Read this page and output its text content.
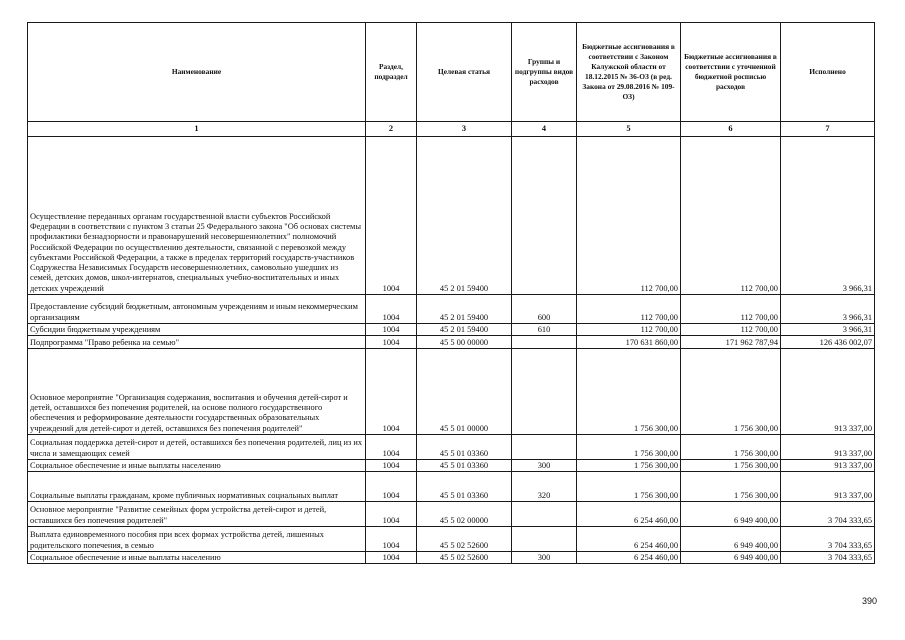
Наименование	Раздел, подраздел	Целевая статья	Группы и подгруппы видов расходов	Бюджетные ассигнования в соответствии с Законом Калужской области от 18.12.2015 № 36-ОЗ (в ред. Закона от 29.08.2016 № 109-ОЗ)	Бюджетные ассигнования в соответствии с уточненной бюджетной росписью расходов	Исполнено
1	2	3	4	5	6	7
Осуществление переданных органам государственной власти субъектов Российской Федерации в соответствии с пунктом 3 статьи 25 Федерального закона "Об основах системы профилактики безнадзорности и правонарушений несовершеннолетних" полномочий Российской Федерации по осуществлению деятельности, связанной с перевозкой между субъектами Российской Федерации, а также в пределах территорий государств-участников Содружества Независимых Государств несовершеннолетних, самовольно ушедших из семей, детских домов, школ-интернатов, специальных учебно-воспитательных и иных детских учреждений	1004	45 2 01 59400		112 700,00	112 700,00	3 966,31
Предоставление субсидий бюджетным, автономным учреждениям и иным некоммерческим организациям	1004	45 2 01 59400	600	112 700,00	112 700,00	3 966,31
Субсидии бюджетным учреждениям	1004	45 2 01 59400	610	112 700,00	112 700,00	3 966,31
Подпрограмма "Право ребенка на семью"	1004	45 5 00 00000		170 631 860,00	171 962 787,94	126 436 002,07
Основное мероприятие "Организация содержания, воспитания и обучения детей-сирот и детей, оставшихся без попечения родителей, на основе полного государственного обеспечения и реформирование деятельности государственных образовательных учреждений для детей-сирот и детей, оставшихся без попечения родителей"	1004	45 5 01 00000		1 756 300,00	1 756 300,00	913 337,00
Социальная поддержка детей-сирот и детей, оставшихся без попечения родителей, лиц из их числа и замещающих семей	1004	45 5 01 03360		1 756 300,00	1 756 300,00	913 337,00
Социальное обеспечение и иные выплаты населению	1004	45 5 01 03360	300	1 756 300,00	1 756 300,00	913 337,00
Социальные выплаты гражданам, кроме публичных нормативных социальных выплат	1004	45 5 01 03360	320	1 756 300,00	1 756 300,00	913 337,00
Основное мероприятие "Развитие семейных форм устройства детей-сирот и детей, оставшихся без попечения родителей"	1004	45 5 02 00000		6 254 460,00	6 949 400,00	3 704 333,65
Выплата единовременного пособия при всех формах устройства детей, лишенных родительского попечения, в семью	1004	45 5 02 52600		6 254 460,00	6 949 400,00	3 704 333,65
Социальное обеспечение и иные выплаты населению	1004	45 5 02 52600	300	6 254 460,00	6 949 400,00	3 704 333,65
390
